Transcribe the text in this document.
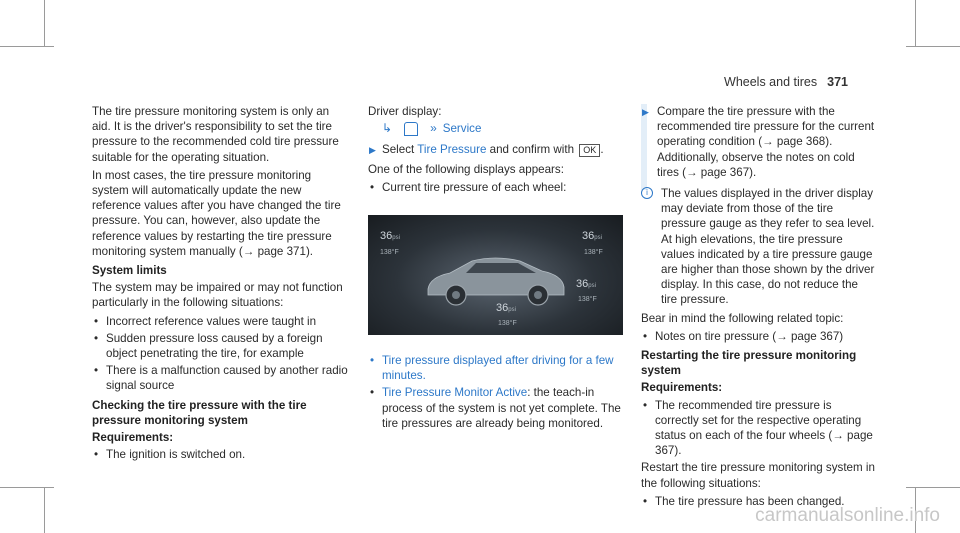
Wheels and tires 371
The tire pressure monitoring system is only an aid. It is the driver's responsibility to set the tire pressure to the recommended cold tire pressure suitable for the operating situation.
In most cases, the tire pressure monitoring system will automatically update the new reference values after you have changed the tire pressure. You can, however, also update the reference values by restarting the tire pressure monitoring system manually (→ page 371).
System limits
The system may be impaired or may not function particularly in the following situations:
• Incorrect reference values were taught in
• Sudden pressure loss caused by a foreign object penetrating the tire, for example
• There is a malfunction caused by another radio signal source
Checking the tire pressure with the tire pressure monitoring system
Requirements:
• The ignition is switched on.
Driver display:
↳	» Service
▶ Select Tire Pressure and confirm with OK .
One of the following displays appears:
• Current tire pressure of each wheel:
36psi
138°F
36psi
138°F
36psi
138°F
36psi
138°F
• Tire pressure displayed after driving for a few minutes.
• Tire Pressure Monitor Active: the teach-in process of the system is not yet complete. The tire pressures are already being monitored.
▶ Compare the tire pressure with the recommended tire pressure for the current operating condition (→ page 368). Additionally, observe the notes on cold tires (→ page 367).
i	The values displayed in the driver display may deviate from those of the tire pressure gauge as they refer to sea level. At high elevations, the tire pressure values indicated by a tire pressure gauge are higher than those shown by the driver display. In this case, do not reduce the tire pressure.
Bear in mind the following related topic:
• Notes on tire pressure (→ page 367)
Restarting the tire pressure monitoring system
Requirements:
• The recommended tire pressure is correctly set for the respective operating status on each of the four wheels (→ page 367).
Restart the tire pressure monitoring system in the following situations:
• The tire pressure has been changed.
carmanualsonline.info
